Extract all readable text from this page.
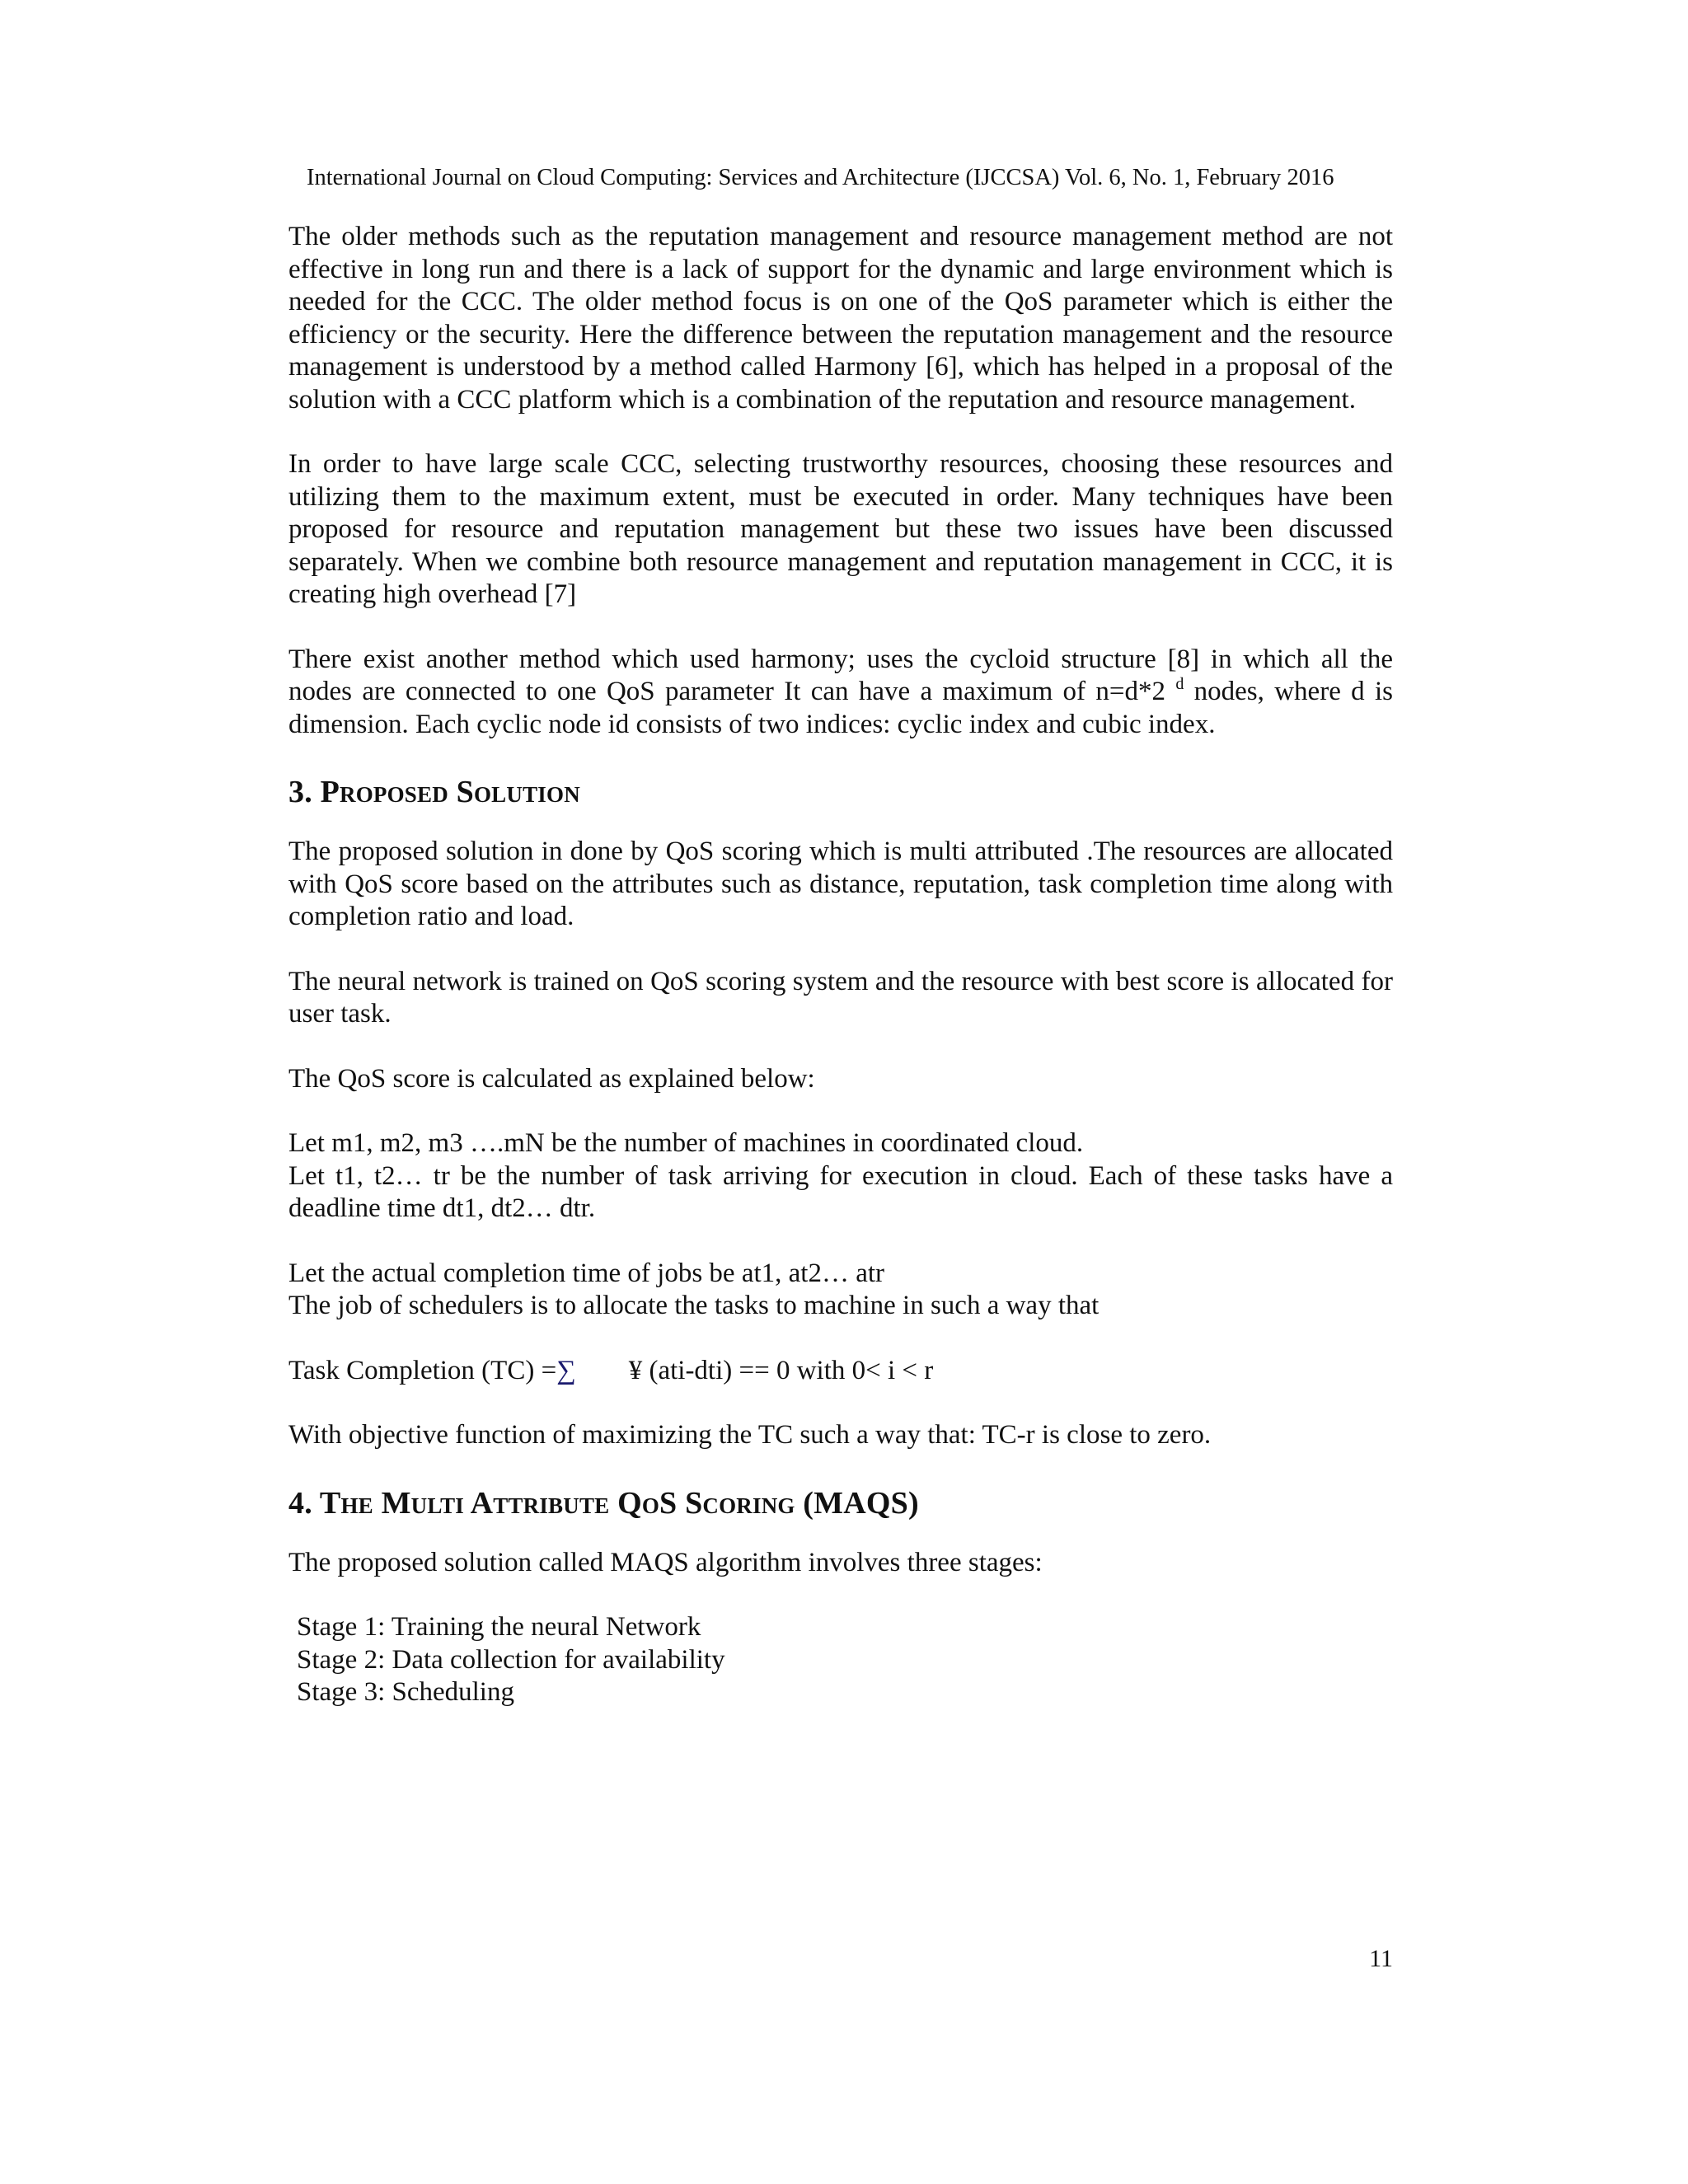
International Journal on Cloud Computing: Services and Architecture (IJCCSA) Vol. 6, No. 1, February 2016

The older methods such as the reputation management and resource management method are not effective in long run and there is a lack of support for the dynamic and large environment which is needed for the CCC. The older method focus is on one of the QoS parameter which is either the efficiency or the security. Here the difference between the reputation management and the resource management is understood by a method called Harmony [6], which has helped in a proposal of the solution with a CCC platform which is a combination of the reputation and resource management.

In order to have large scale CCC, selecting trustworthy resources, choosing these resources and utilizing them to the maximum extent, must be executed in order. Many techniques have been proposed for resource and reputation management but these two issues have been discussed separately. When we combine both resource management and reputation management in CCC, it is creating high overhead [7]

There exist another method which used harmony; uses the cycloid structure [8] in which all the nodes are connected to one QoS parameter It can have a maximum of n=d*2 $^d$ nodes, where d is dimension. Each cyclic node id consists of two indices: cyclic index and cubic index.

3. Proposed Solution

The proposed solution in done by QoS scoring which is multi attributed .The resources are allocated with QoS score based on the attributes such as distance, reputation, task completion time along with completion ratio and load.

The neural network is trained on QoS scoring system and the resource with best score is allocated for user task.

The QoS score is calculated as explained below:

Let m1, m2, m3 ….mN be the number of machines in coordinated cloud.

Let t1, t2… tr be the number of task arriving for execution in cloud. Each of these tasks have a deadline time dt1, dt2… dtr.

Let the actual completion time of jobs be at1, at2… atr

The job of schedulers is to allocate the tasks to machine in such a way that

Task Completion (TC) =∑ ¥ (ati-dti) == 0 with 0< i < r

With objective function of maximizing the TC such a way that: TC-r is close to zero.

4. The Multi Attribute QoS Scoring (MAQS)

The proposed solution called MAQS algorithm involves three stages:

Stage 1: Training the neural Network

Stage 2: Data collection for availability

Stage 3: Scheduling

11
